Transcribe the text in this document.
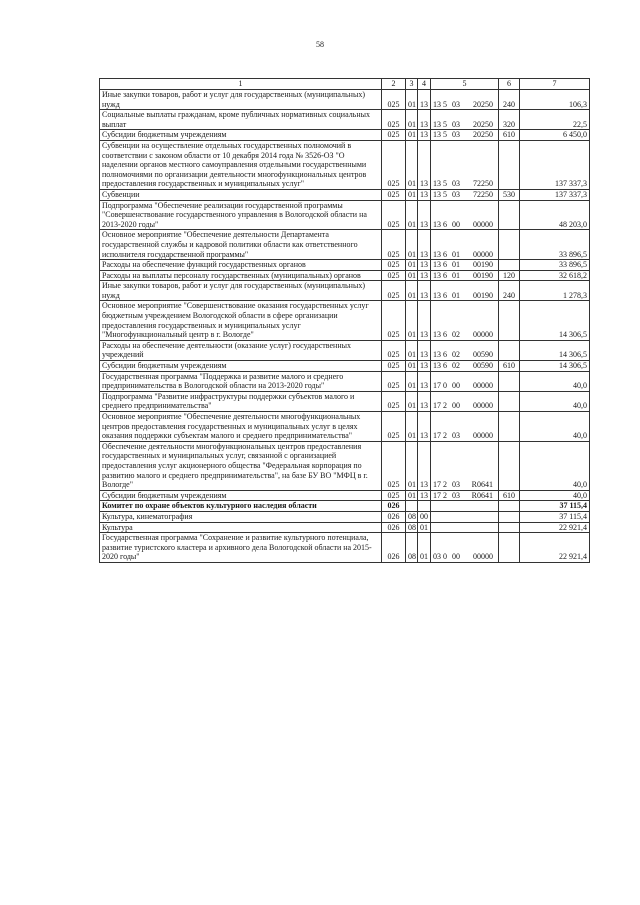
58
1	2	3	4	5	6	7
Иные закупки товаров, работ и услуг для государственных (муниципальных) нужд	025	01	13	13 5 03 20250	240	106,3
Социальные выплаты гражданам, кроме публичных нормативных социальных выплат	025	01	13	13 5 03 20250	320	22,5
Субсидии бюджетным учреждениям	025	01	13	13 5 03 20250	610	6 450,0
Субвенции на осуществление отдельных государственных полномочий в соответствии с законом области от 10 декабря 2014 года № 3526-ОЗ "О наделении органов местного самоуправления отдельными государственными полномочиями по организации деятельности многофункциональных центров предоставления государственных и муниципальных услуг"	025	01	13	13 5 03 72250		137 337,3
Субвенции	025	01	13	13 5 03 72250	530	137 337,3
Подпрограмма "Обеспечение реализации государственной программы "Совершенствование государственного управления в Вологодской области на 2013-2020 годы"	025	01	13	13 6 00 00000		48 203,0
Основное мероприятие "Обеспечение деятельности Департамента государственной службы и кадровой политики области как ответственного исполнителя государственной программы"	025	01	13	13 6 01 00000		33 896,5
Расходы на обеспечение функций государственных органов	025	01	13	13 6 01 00190		33 896,5
Расходы на выплаты персоналу государственных (муниципальных) органов	025	01	13	13 6 01 00190	120	32 618,2
Иные закупки товаров, работ и услуг для государственных (муниципальных) нужд	025	01	13	13 6 01 00190	240	1 278,3
Основное мероприятие "Совершенствование оказания государственных услуг бюджетным учреждением Вологодской области в сфере организации предоставления государственных и муниципальных услуг "Многофункциональный центр в г. Вологде"	025	01	13	13 6 02 00000		14 306,5
Расходы на обеспечение деятельности (оказание услуг) государственных учреждений	025	01	13	13 6 02 00590		14 306,5
Субсидии бюджетным учреждениям	025	01	13	13 6 02 00590	610	14 306,5
Государственная программа "Поддержка и развитие малого и среднего предпринимательства в Вологодской области на 2013-2020 годы"	025	01	13	17 0 00 00000		40,0
Подпрограмма "Развитие инфраструктуры поддержки субъектов малого и среднего предпринимательства"	025	01	13	17 2 00 00000		40,0
Основное мероприятие "Обеспечение деятельности многофункциональных центров предоставления государственных и муниципальных услуг в целях оказания поддержки субъектам малого и среднего предпринимательства"	025	01	13	17 2 03 00000		40,0
Обеспечение деятельности многофункциональных центров предоставления государственных и муниципальных услуг, связанной с организацией предоставления услуг акционерного общества "Федеральная корпорация по развитию малого и среднего предпринимательства", на базе БУ ВО "МФЦ в г. Вологде"	025	01	13	17 2 03 R0641		40,0
Субсидии бюджетным учреждениям	025	01	13	17 2 03 R0641	610	40,0
Комитет по охране объектов культурного наследия области	026					37 115,4
Культура, кинематография	026	08	00			37 115,4
Культура	026	08	01			22 921,4
Государственная программа "Сохранение и развитие культурного потенциала, развитие туристского кластера и архивного дела Вологодской области на 2015-2020 годы"	026	08	01	03 0 00 00000		22 921,4
